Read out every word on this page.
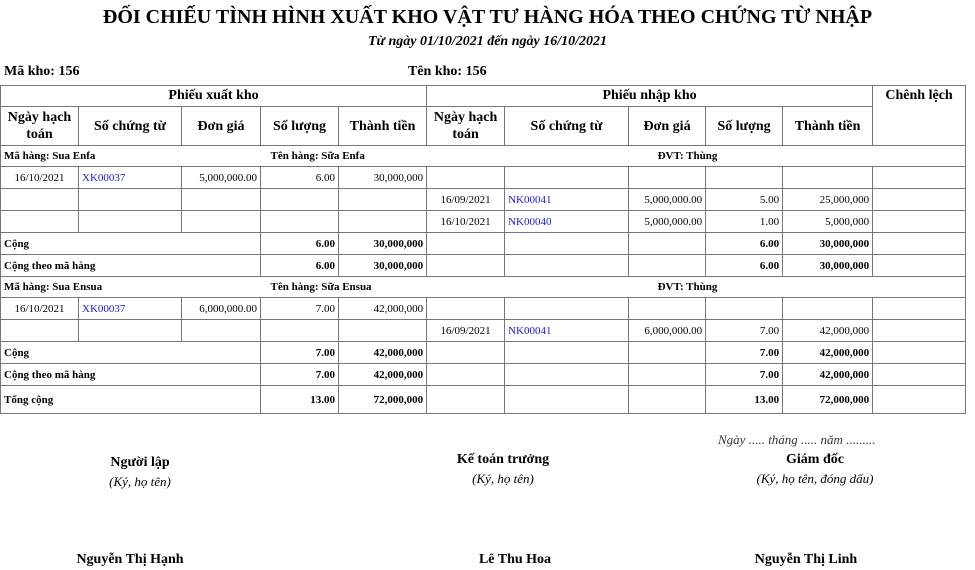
ĐỐI CHIẾU TÌNH HÌNH XUẤT KHO VẬT TƯ HÀNG HÓA THEO CHỨNG TỪ NHẬP
Từ ngày 01/10/2021 đến ngày 16/10/2021
Mã kho: 156	Tên kho: 156
Phiếu xuất kho					Phiếu nhập kho					Chênh lệch
Ngày hạch toán	Số chứng từ	Đơn giá	Số lượng	Thành tiền	Ngày hạch toán	Số chứng từ	Đơn giá	Số lượng	Thành tiền	
Mã hàng: Sua Enfa			Tên hàng: Sữa Enfa					ĐVT: Thùng		
16/10/2021	XK00037	5,000,000.00	6.00	30,000,000						
					16/09/2021	NK00041	5,000,000.00	5.00	25,000,000	
					16/10/2021	NK00040	5,000,000.00	1.00	5,000,000	
Cộng			6.00	30,000,000				6.00	30,000,000	
Cộng theo mã hàng			6.00	30,000,000				6.00	30,000,000	
Mã hàng: Sua Ensua			Tên hàng: Sữa Ensua					ĐVT: Thùng		
16/10/2021	XK00037	6,000,000.00	7.00	42,000,000						
					16/09/2021	NK00041	6,000,000.00	7.00	42,000,000	
Cộng			7.00	42,000,000				7.00	42,000,000	
Cộng theo mã hàng			7.00	42,000,000				7.00	42,000,000	
Tổng cộng			13.00	72,000,000				13.00	72,000,000	
Ngày ..... tháng ..... năm .........
Người lập
(Ký, họ tên)
Kế toán trưởng
(Ký, họ tên)
Giám đốc
(Ký, họ tên, đóng dấu)
Nguyễn Thị Hạnh	Lê Thu Hoa	Nguyễn Thị Linh
